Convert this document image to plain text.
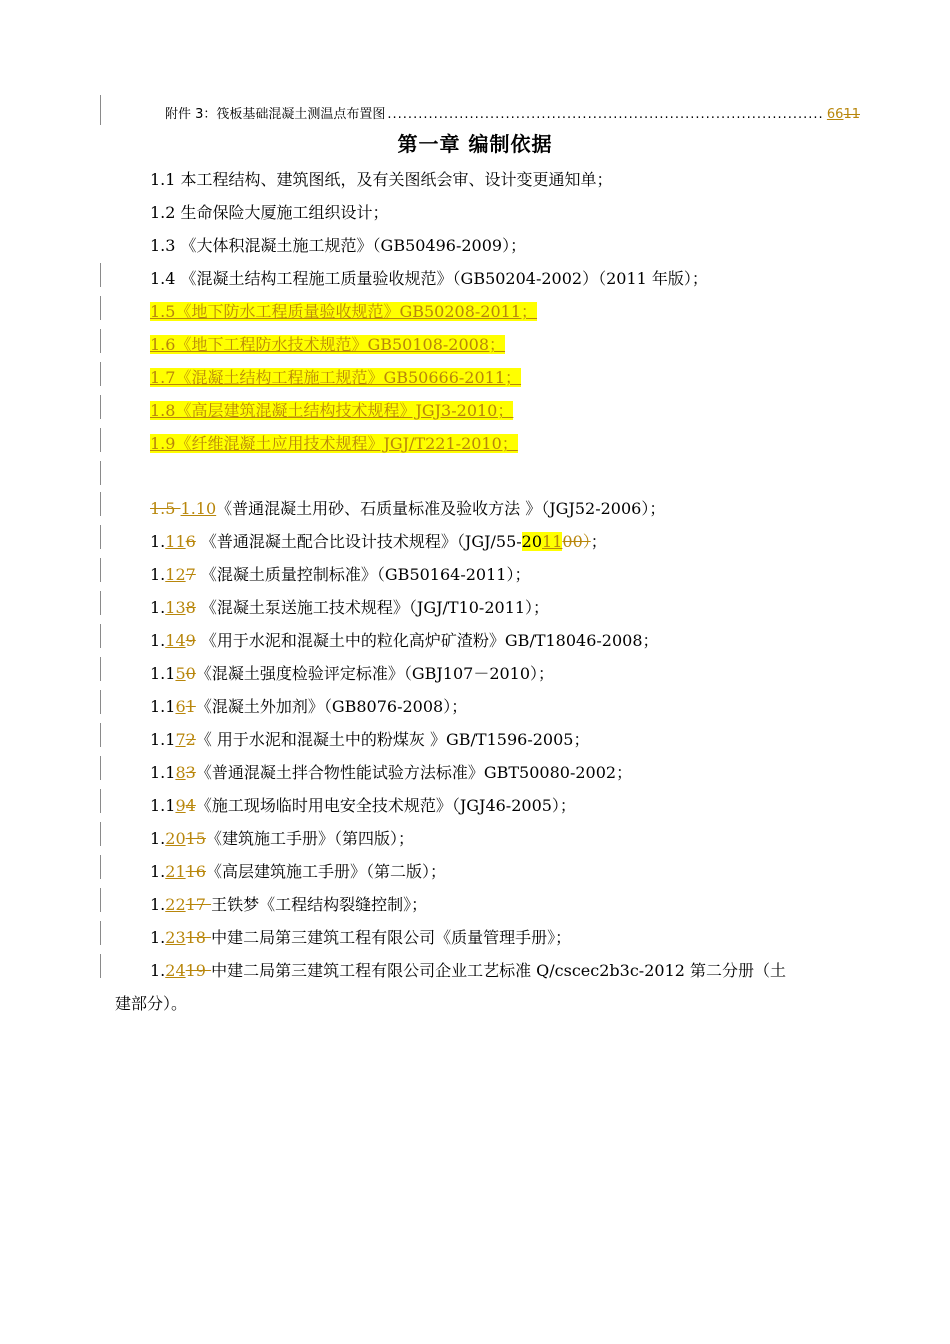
附件 3：筏板基础混凝土测温点布置图
.....	66 11
第一章 编制依据
1.1 本工程结构、建筑图纸，及有关图纸会审、设计变更通知单；
1.2 生命保险大厦施工组织设计；
1.3 《大体积混凝土施工规范》（GB50496-2009）；
1.4 《混凝土结构工程施工质量验收规范》（GB50204-2002）（2011 年版）；
1.5《地下防水工程质量验收规范》GB50208-2011；
1.6《地下工程防水技术规范》GB50108-2008；
1.7《混凝土结构工程施工规范》GB50666-2011；
1.8《高层建筑混凝土结构技术规程》JGJ3-2010；
1.9《纤维混凝土应用技术规程》JGJ/T221-2010；
1.5 1.10《普通混凝土用砂、石质量标准及验收方法 》（JGJ52-2006）；
1.116 《普通混凝土配合比设计技术规程》（JGJ/55-201100）；
1.127 《混凝土质量控制标准》（GB50164-2011）；
1.138 《混凝土泵送施工技术规程》（JGJ/T10-2011）；
1.149 《用于水泥和混凝土中的粒化高炉矿渣粉》GB/T18046-2008；
1.150《混凝土强度检验评定标准》（GBJ107－2010）；
1.161《混凝土外加剂》（GB8076-2008）；
1.172《 用于水泥和混凝土中的粉煤灰 》GB/T1596-2005；
1.183《普通混凝土拌合物性能试验方法标准》GBT50080-2002；
1.194《施工现场临时用电安全技术规范》（JGJ46-2005）；
1.2015《建筑施工手册》（第四版）；
1.2116《高层建筑施工手册》（第二版）；
1.2217 王铁梦《工程结构裂缝控制》；
1.2318 中建二局第三建筑工程有限公司《质量管理手册》；
1.2419 中建二局第三建筑工程有限公司企业工艺标准 Q/cscec2b3c-2012 第二分册（土
建部分）。
